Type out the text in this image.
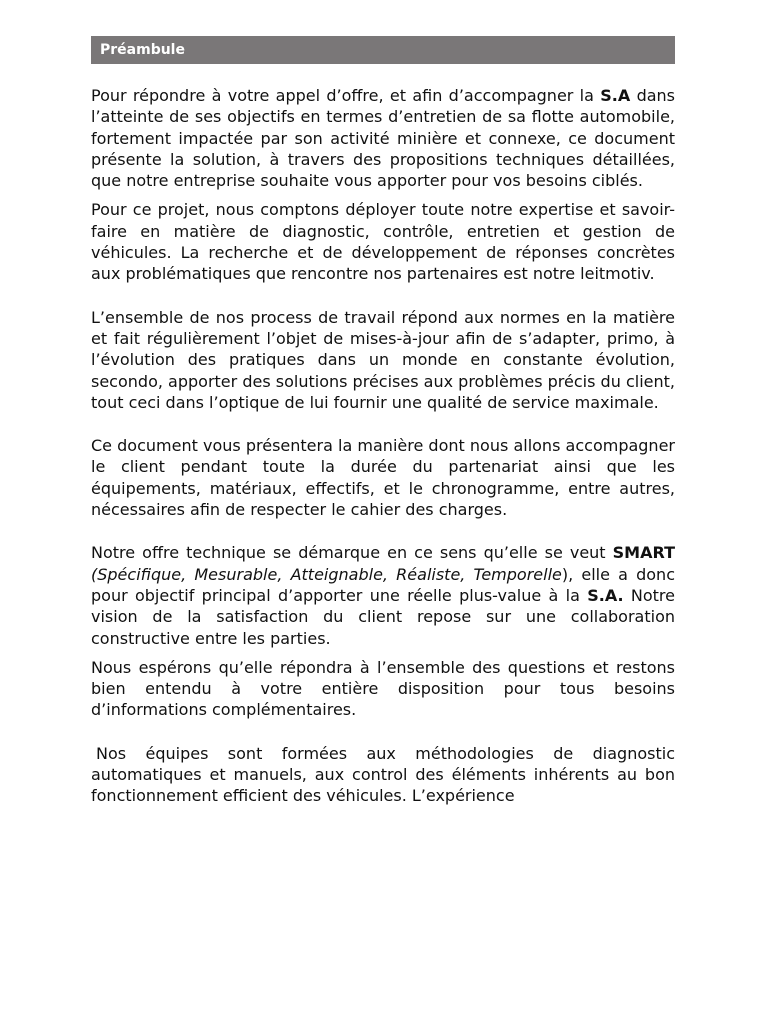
Préambule

Pour répondre à votre appel d’offre, et afin d’accompagner la S.A dans l’atteinte de ses objectifs en termes d’entretien de sa flotte automobile, fortement impactée par son activité minière et connexe, ce document présente la solution, à travers des propositions techniques détaillées, que notre entreprise souhaite vous apporter pour vos besoins ciblés.

Pour ce projet, nous comptons déployer toute notre expertise et savoir-faire en matière de diagnostic, contrôle, entretien et gestion de véhicules. La recherche et de développement de réponses concrètes aux problématiques que rencontre nos partenaires est notre leitmotiv.

L’ensemble de nos process de travail répond aux normes en la matière et fait régulièrement l’objet de mises-à-jour afin de s’adapter, primo, à l’évolution des pratiques dans un monde en constante évolution, secondo, apporter des solutions précises aux problèmes précis du client, tout ceci dans l’optique de lui fournir une qualité de service maximale.

Ce document vous présentera la manière dont nous allons accompagner le client pendant toute la durée du partenariat ainsi que les équipements, matériaux, effectifs, et le chronogramme, entre autres, nécessaires afin de respecter le cahier des charges.

Notre offre technique se démarque en ce sens qu’elle se veut SMART (Spécifique, Mesurable, Atteignable, Réaliste, Temporelle), elle a donc pour objectif principal d’apporter une réelle plus-value à la S.A. Notre vision de la satisfaction du client repose sur une collaboration constructive entre les parties.

Nous espérons qu’elle répondra à l’ensemble des questions et restons bien entendu à votre entière disposition pour tous besoins d’informations complémentaires.

Nos équipes sont formées aux méthodologies de diagnostic automatiques et manuels, aux control des éléments inhérents au bon fonctionnement efficient des véhicules. L’expérience
